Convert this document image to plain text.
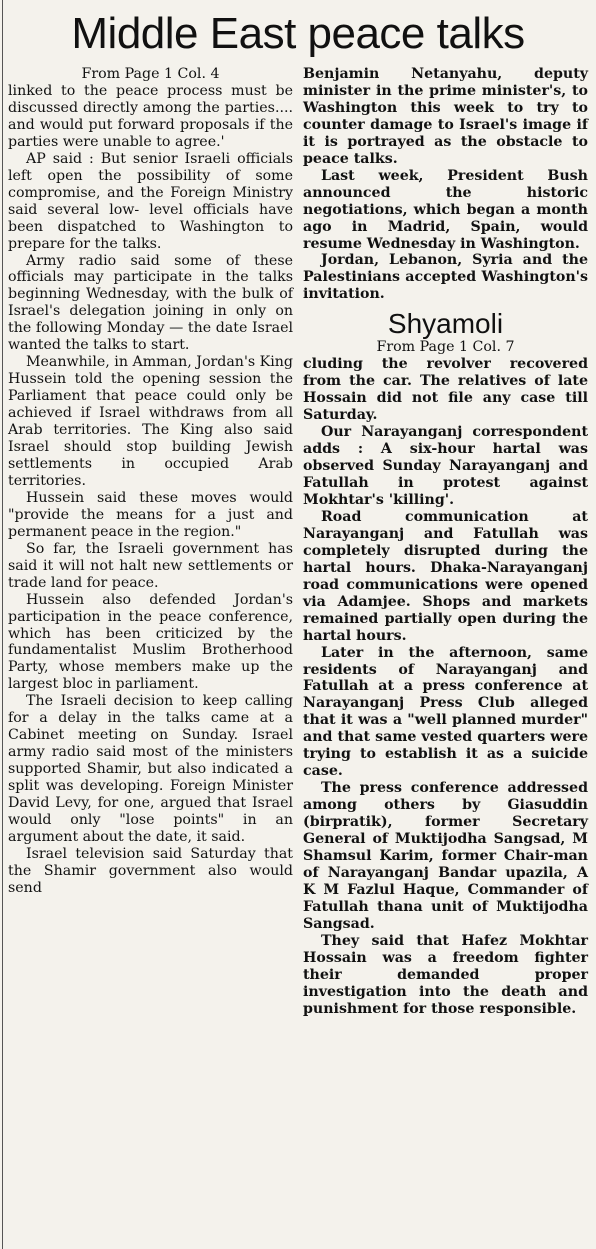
Middle East peace talks
From Page 1 Col. 4

linked to the peace process must be discussed directly among the parties.... and would put forward proposals if the parties were unable to agree.'

AP said : But senior Israeli officials left open the possibility of some compromise, and the Foreign Ministry said several low- level officials have been dispatched to Washington to prepare for the talks.

Army radio said some of these officials may participate in the talks beginning Wednesday, with the bulk of Israel's delegation joining in only on the following Monday — the date Israel wanted the talks to start.

Meanwhile, in Amman, Jordan's King Hussein told the opening session the Parliament that peace could only be achieved if Israel withdraws from all Arab territories. The King also said Israel should stop building Jewish settlements in occupied Arab territories.

Hussein said these moves would "provide the means for a just and permanent peace in the region."

So far, the Israeli government has said it will not halt new settlements or trade land for peace.

Hussein also defended Jordan's participation in the peace conference, which has been criticized by the fundamentalist Muslim Brotherhood Party, whose members make up the largest bloc in parliament.

The Israeli decision to keep calling for a delay in the talks came at a Cabinet meeting on Sunday. Israel army radio said most of the ministers supported Shamir, but also indicated a split was developing. Foreign Minister David Levy, for one, argued that Israel would only "lose points" in an argument about the date, it said.

Israel television said Saturday that the Shamir government also would send

Benjamin Netanyahu, deputy minister in the prime minister's, to Washington this week to try to counter damage to Israel's image if it is portrayed as the obstacle to peace talks.

Last week, President Bush announced the historic negotiations, which began a month ago in Madrid, Spain, would resume Wednesday in Washington.

Jordan, Lebanon, Syria and the Palestinians accepted Washington's invitation.

Shyamoli
From Page 1 Col. 7

cluding the revolver recovered from the car. The relatives of late Hossain did not file any case till Saturday.

Our Narayanganj correspondent adds : A six-hour hartal was observed Sunday Narayanganj and Fatullah in protest against Mokhtar's 'killing'.

Road communication at Narayanganj and Fatullah was completely disrupted during the hartal hours. Dhaka-Narayanganj road communications were opened via Adamjee. Shops and markets remained partially open during the hartal hours.

Later in the afternoon, same residents of Narayanganj and Fatullah at a press conference at Narayanganj Press Club alleged that it was a "well planned murder" and that same vested quarters were trying to establish it as a suicide case.

The press conference addressed among others by Giasuddin (birpratik), former Secretary General of Muktijodha Sangsad, M Shamsul Karim, former Chair-man of Narayanganj Bandar upazila, A K M Fazlul Haque, Commander of Fatullah thana unit of Muktijodha Sangsad.

They said that Hafez Mokhtar Hossain was a freedom fighter their demanded proper investigation into the death and punishment for those responsible.
